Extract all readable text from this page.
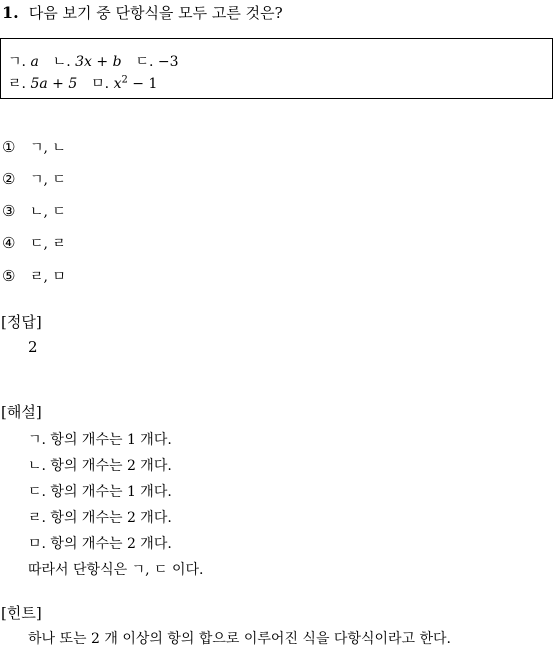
1. 다음 보기 중 단항식을 모두 고른 것은?
ㄱ. a ㄴ. 3x + b ㄷ. −3
ㄹ. 5a + 5 ㅁ. $x^2 - 1$
①	ㄱ, ㄴ
②	ㄱ, ㄷ
③	ㄴ, ㄷ
④	ㄷ, ㄹ
⑤	ㄹ, ㅁ
[정답]
2
[해설]
ㄱ. 항의 개수는 1 개다.
ㄴ. 항의 개수는 2 개다.
ㄷ. 항의 개수는 1 개다.
ㄹ. 항의 개수는 2 개다.
ㅁ. 항의 개수는 2 개다.
따라서 단항식은 ㄱ, ㄷ 이다.
[힌트]
하나 또는 2 개 이상의 항의 합으로 이루어진 식을 다항식이라고 한다.
